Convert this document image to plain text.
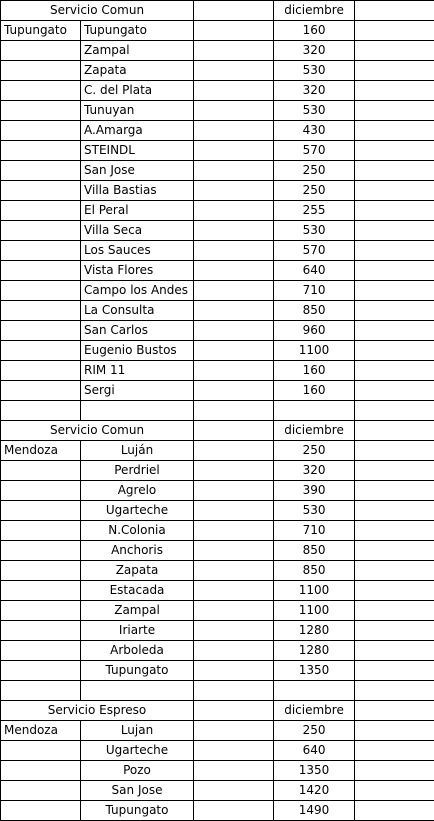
Servicio Comun			diciembre	
Tupungato	Tupungato		160	
	Zampal		320	
	Zapata		530	
	C. del Plata		320	
	Tunuyan		530	
	A.Amarga		430	
	STEINDL		570	
	San Jose		250	
	Villa Bastias		250	
	El Peral		255	
	Villa Seca		530	
	Los Sauces		570	
	Vista Flores		640	
	Campo los Andes		710	
	La Consulta		850	
	San Carlos		960	
	Eugenio Bustos		1100	
	RIM 11		160	
	Sergi		160	

Servicio Comun			diciembre	
Mendoza	Luján		250	
	Perdriel		320	
	Agrelo		390	
	Ugarteche		530	
	N.Colonia		710	
	Anchoris		850	
	Zapata		850	
	Estacada		1100	
	Zampal		1100	
	Iriarte		1280	
	Arboleda		1280	
	Tupungato		1350	

Servicio Espreso			diciembre	
Mendoza	Lujan		250	
	Ugarteche		640	
	Pozo		1350	
	San Jose		1420	
	Tupungato		1490	
